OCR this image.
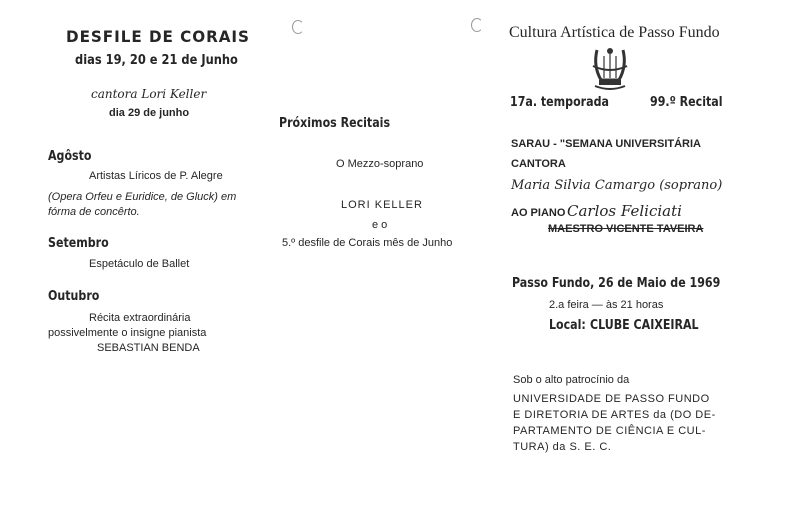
DESFILE DE CORAIS
dias 19, 20 e 21 de Junho
cantora Lori Keller
dia 29 de junho
Agôsto
Artistas Líricos de P. Alegre
(Opera Orfeu e Euridice, de Gluck) em
fórma de concêrto.
Setembro
Espetáculo de Ballet
Outubro
Récita extraordinária
possivelmente o insigne pianista
SEBASTIAN BENDA
Próximos Recitais
O Mezzo-soprano
LORI KELLER
e o
5.º desfile de Corais mês de Junho
Cultura Artística de Passo Fundo
17a. temporada	99.º Recital
SARAU - "SEMANA UNIVERSITÁRIA
CANTORA
Maria Silvia Camargo (soprano)
AO PIANO Carlos Feliciati
MAESTRO VICENTE TAVEIRA
Passo Fundo, 26 de Maio de 1969
2.a feira — às 21 horas
Local: CLUBE CAIXEIRAL
Sob o alto patrocínio da
UNIVERSIDADE DE PASSO FUNDO
E DIRETORIA DE ARTES da (DO DE-
PARTAMENTO DE CIÊNCIA E CUL-
TURA) da S. E. C.
